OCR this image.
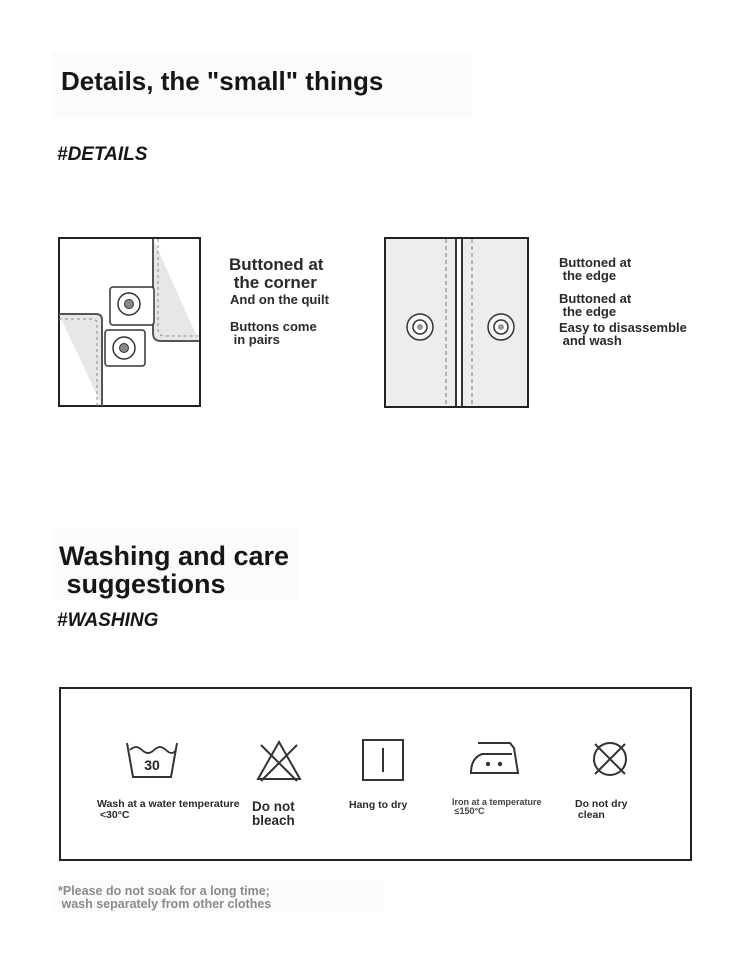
Details, the "small" things
#DETAILS
Buttoned at
the corner
And on the quilt
Buttons come
in pairs
Buttoned at
the edge
Buttoned at
the edge
Easy to disassemble
and wash
Washing and care
suggestions
#WASHING
30
Wash at a water temperature
<30°C
Do not
bleach
Hang to dry	Iron at a temperature
≤150°C
Do not dry
clean
*Please do not soak for a long time;
wash separately from other clothes
